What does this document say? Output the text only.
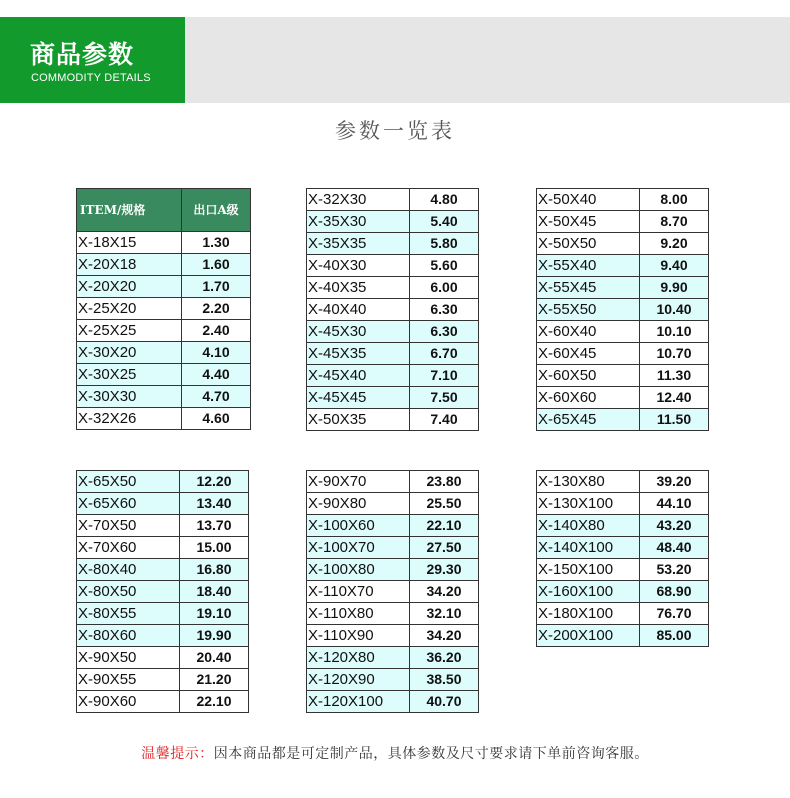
商品参数
COMMODITY DETAILS
参数一览表
ITEM/规格	出口A级
X-18X15	1.30
X-20X18	1.60
X-20X20	1.70
X-25X20	2.20
X-25X25	2.40
X-30X20	4.10
X-30X25	4.40
X-30X30	4.70
X-32X26	4.60
X-32X30	4.80
X-35X30	5.40
X-35X35	5.80
X-40X30	5.60
X-40X35	6.00
X-40X40	6.30
X-45X30	6.30
X-45X35	6.70
X-45X40	7.10
X-45X45	7.50
X-50X35	7.40
X-50X40	8.00
X-50X45	8.70
X-50X50	9.20
X-55X40	9.40
X-55X45	9.90
X-55X50	10.40
X-60X40	10.10
X-60X45	10.70
X-60X50	11.30
X-60X60	12.40
X-65X45	11.50
X-65X50	12.20
X-65X60	13.40
X-70X50	13.70
X-70X60	15.00
X-80X40	16.80
X-80X50	18.40
X-80X55	19.10
X-80X60	19.90
X-90X50	20.40
X-90X55	21.20
X-90X60	22.10
X-90X70	23.80
X-90X80	25.50
X-100X60	22.10
X-100X70	27.50
X-100X80	29.30
X-110X70	34.20
X-110X80	32.10
X-110X90	34.20
X-120X80	36.20
X-120X90	38.50
X-120X100	40.70
X-130X80	39.20
X-130X100	44.10
X-140X80	43.20
X-140X100	48.40
X-150X100	53.20
X-160X100	68.90
X-180X100	76.70
X-200X100	85.00
温馨提示：因本商品都是可定制产品，具体参数及尺寸要求请下单前咨询客服。
